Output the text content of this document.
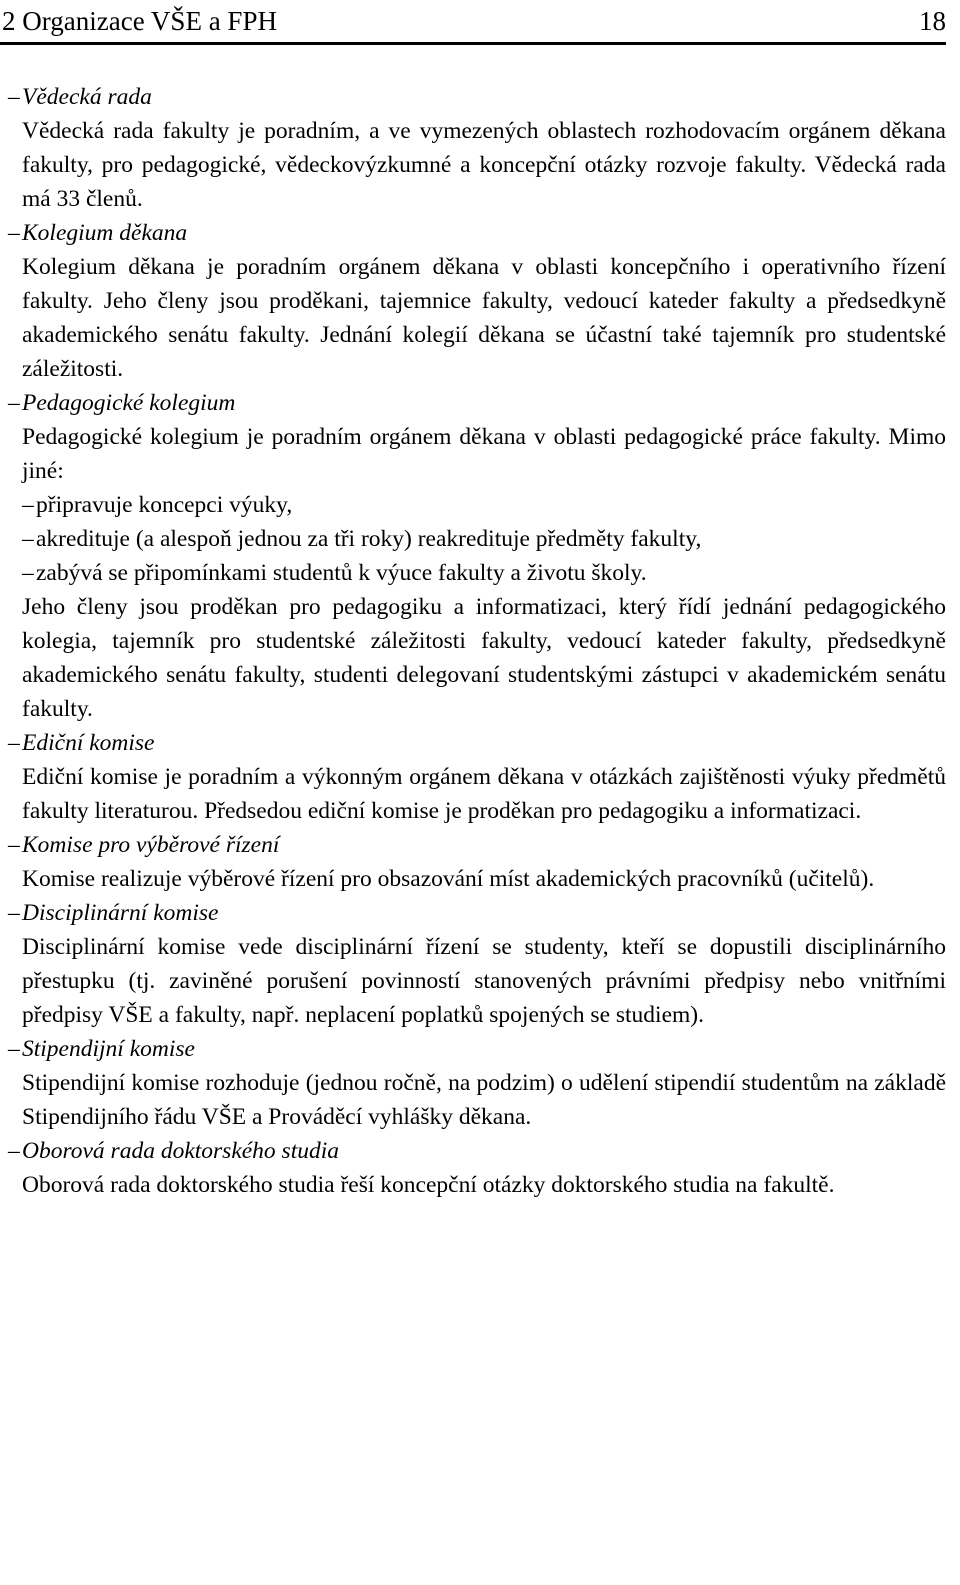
2 Organizace VŠE a FPH	18
– Vědecká rada

Vědecká rada fakulty je poradním, a ve vymezených oblastech rozhodovacím orgánem děkana fakulty, pro pedagogické, vědeckovýzkumné a koncepční otázky rozvoje fakulty. Vědecká rada má 33 členů.

– Kolegium děkana

Kolegium děkana je poradním orgánem děkana v oblasti koncepčního i operativního řízení fakulty. Jeho členy jsou proděkani, tajemnice fakulty, vedoucí kateder fakulty a předsedkyně akademického senátu fakulty. Jednání kolegií děkana se účastní také tajemník pro studentské záležitosti.

– Pedagogické kolegium

Pedagogické kolegium je poradním orgánem děkana v oblasti pedagogické práce fakulty. Mimo jiné:

– připravuje koncepci výuky,
– akredituje (a alespoň jednou za tři roky) reakredituje předměty fakulty,
– zabývá se připomínkami studentů k výuce fakulty a životu školy.

Jeho členy jsou proděkan pro pedagogiku a informatizaci, který řídí jednání pedagogického kolegia, tajemník pro studentské záležitosti fakulty, vedoucí kateder fakulty, předsedkyně akademického senátu fakulty, studenti delegovaní studentskými zástupci v akademickém senátu fakulty.

– Ediční komise

Ediční komise je poradním a výkonným orgánem děkana v otázkách zajištěnosti výuky předmětů fakulty literaturou. Předsedou ediční komise je proděkan pro pedagogiku a informatizaci.

– Komise pro výběrové řízení

Komise realizuje výběrové řízení pro obsazování míst akademických pracovníků (učitelů).

– Disciplinární komise

Disciplinární komise vede disciplinární řízení se studenty, kteří se dopustili disciplinárního přestupku (tj. zaviněné porušení povinností stanovených právními předpisy nebo vnitřními předpisy VŠE a fakulty, např. neplacení poplatků spojených se studiem).

– Stipendijní komise

Stipendijní komise rozhoduje (jednou ročně, na podzim) o udělení stipendií studentům na základě Stipendijního řádu VŠE a Prováděcí vyhlášky děkana.

– Oborová rada doktorského studia

Oborová rada doktorského studia řeší koncepční otázky doktorského studia na fakultě.
